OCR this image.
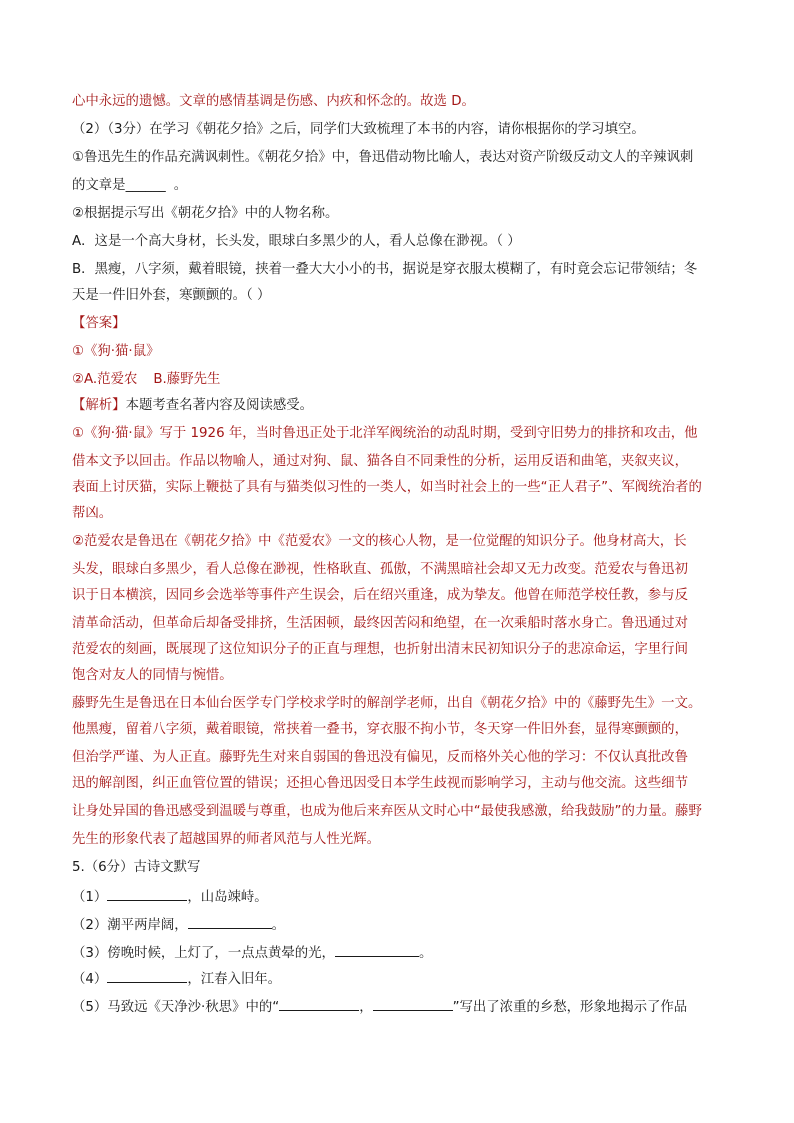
心中永远的遗憾。文章的感情基调是伤感、内疚和怀念的。故选 D。
（2）（3分）在学习《朝花夕拾》之后，同学们大致梳理了本书的内容，请你根据你的学习填空。
①鲁迅先生的作品充满讽刺性。《朝花夕拾》中，鲁迅借动物比喻人，表达对资产阶级反动文人的辛辣讽刺
的文章是______ 。
②根据提示写出《朝花夕拾》中的人物名称。
A．这是一个高大身材，长头发，眼球白多黑少的人，看人总像在渺视。（ ）
B．黑瘦，八字须，戴着眼镜，挟着一叠大大小小的书，据说是穿衣服太模糊了，有时竟会忘记带领结；冬
天是一件旧外套，寒颤颤的。（ ）
【答案】
①《狗·猫·鼠》
②A.范爱农 B.藤野先生
【解析】本题考查名著内容及阅读感受。
①《狗·猫·鼠》写于 1926 年，当时鲁迅正处于北洋军阀统治的动乱时期，受到守旧势力的排挤和攻击，他
借本文予以回击。作品以物喻人，通过对狗、鼠、猫各自不同秉性的分析，运用反语和曲笔，夹叙夹议，
表面上讨厌猫，实际上鞭挞了具有与猫类似习性的一类人，如当时社会上的一些“正人君子”、军阀统治者的
帮凶。
②范爱农是鲁迅在《朝花夕拾》中《范爱农》一文的核心人物，是一位觉醒的知识分子。他身材高大，长
头发，眼球白多黑少，看人总像在渺视，性格耿直、孤傲，不满黑暗社会却又无力改变。范爱农与鲁迅初
识于日本横滨，因同乡会选举等事件产生误会，后在绍兴重逢，成为挚友。他曾在师范学校任教，参与反
清革命活动，但革命后却备受排挤，生活困顿，最终因苦闷和绝望，在一次乘船时落水身亡。鲁迅通过对
范爱农的刻画，既展现了这位知识分子的正直与理想，也折射出清末民初知识分子的悲凉命运，字里行间
饱含对友人的同情与惋惜。
藤野先生是鲁迅在日本仙台医学专门学校求学时的解剖学老师，出自《朝花夕拾》中的《藤野先生》一文。
他黑瘦，留着八字须，戴着眼镜，常挟着一叠书，穿衣服不拘小节，冬天穿一件旧外套，显得寒颤颤的，
但治学严谨、为人正直。藤野先生对来自弱国的鲁迅没有偏见，反而格外关心他的学习：不仅认真批改鲁
迅的解剖图，纠正血管位置的错误；还担心鲁迅因受日本学生歧视而影响学习，主动与他交流。这些细节
让身处异国的鲁迅感受到温暖与尊重，也成为他后来弃医从文时心中“最使我感激，给我鼓励”的力量。藤野
先生的形象代表了超越国界的师者风范与人性光辉。
5.（6分）古诗文默写
（1）	，山岛竦峙。
（2）潮平两岸阔，	。
（3）傍晚时候，上灯了，一点点黄晕的光，	。
（4）	，江春入旧年。
（5）马致远《天净沙·秋思》中的“	，	”写出了浓重的乡愁，形象地揭示了作品
